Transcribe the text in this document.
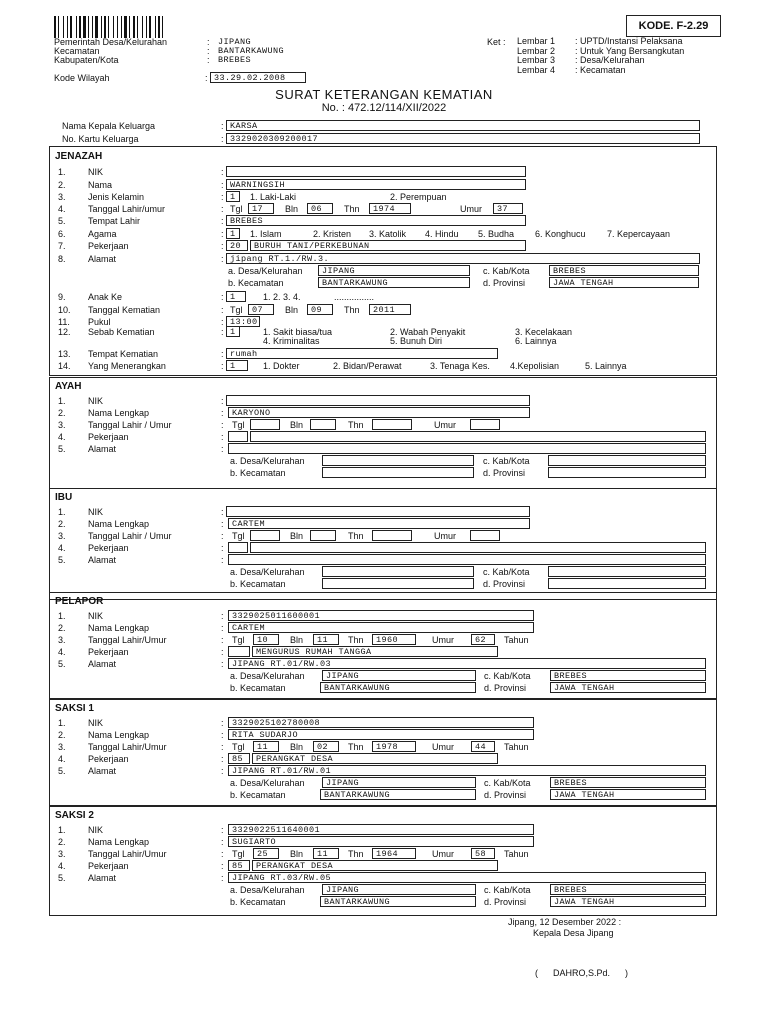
KODE. F-2.29
Pemerintah Desa/Kelurahan	: JIPANG
Kecamatan	: BANTARKAWUNG
Kabupaten/Kota	: BREBES
Kode Wilayah	: 33.29.02.2008
Ket : Lembar 1 : UPTD/Instansi Pelaksana
Lembar 2 : Untuk Yang Bersangkutan
Lembar 3 : Desa/Kelurahan
Lembar 4 : Kecamatan
SURAT KETERANGAN KEMATIAN
No. : 472.12/114/XII/2022
Nama Kepala Keluarga	: KARSA
No. Kartu Keluarga	: 3329020309200017
JENAZAH
Jipang, 12 Desember 2022 :
Kepala Desa Jipang
(      DAHRO,S.Pd.      )
1. NIK	:
2. Nama	: WARNINGSIH
3. Jenis Kelamin	: 1 1. Laki-Laki	2. Perempuan
4. Tanggal Lahir/umur	: Tgl 17 Bln 06 Thn 1974	Umur 37
5. Tempat Lahir	: BREBES
6. Agama	: 1 1. Islam	2. Kristen 3. Katolik 4. Hindu 5. Budha 6. Konghucu 7. Kepercayaan
7. Pekerjaan	: 20 BURUH TANI/PERKEBUNAN
8. Alamat	: jipang RT.1./RW.3.
a. Desa/Kelurahan JIPANG	c. Kab/Kota	BREBES
b. Kecamatan	BANTARKAWUNG	d. Provinsi	JAWA TENGAH
9. Anak Ke	: 1	1. 2. 3. 4.	................
10. Tanggal Kematian	: Tgl 07 Bln 09 Thn 2011
11. Pukul	: 13:00
12. Sebab Kematian	: 1	1. Sakit biasa/tua	2. Wabah Penyakit	3. Kecelakaan
4. Kriminalitas	5. Bunuh Diri	6. Lainnya
13. Tempat Kematian	: rumah
14. Yang Menerangkan	: 1	1. Dokter	2. Bidan/Perawat	3. Tenaga Kes. 4.Kepolisian	5. Lainnya
AYAH
1. NIK	:
2. Nama Lengkap	: KARYONO
3. Tanggal Lahir / Umur	: Tgl	Bln	Thn	Umur
4. Pekerjaan	:
5. Alamat	:
a. Desa/Kelurahan	c. Kab/Kota
b. Kecamatan	d. Provinsi
IBU
1. NIK	:
2. Nama Lengkap	: CARTEM
3. Tanggal Lahir / Umur	: Tgl	Bln	Thn	Umur
4. Pekerjaan	:
5. Alamat	:
a. Desa/Kelurahan	c. Kab/Kota
b. Kecamatan	d. Provinsi
PELAPOR
1. NIK	: 3329025011600001
2. Nama Lengkap	: CARTEM
3. Tanggal Lahir/Umur	: Tgl 10 Bln 11 Thn 1960	Umur 62 Tahun
4. Pekerjaan	:	MENGURUS RUMAH TANGGA
5. Alamat	: JIPANG RT.01/RW.03
a. Desa/Kelurahan	JIPANG	c. Kab/Kota	BREBES
b. Kecamatan	BANTARKAWUNG	d. Provinsi	JAWA TENGAH
SAKSI 1
1. NIK	: 3329025102780008
2. Nama Lengkap	: RITA SUDARJO
3. Tanggal Lahir/Umur	: Tgl 11 Bln 02 Thn 1978	Umur 44 Tahun
4. Pekerjaan	: 85 PERANGKAT DESA
5. Alamat	: JIPANG RT.01/RW.01
a. Desa/Kelurahan	JIPANG	c. Kab/Kota	BREBES
b. Kecamatan	BANTARKAWUNG	d. Provinsi	JAWA TENGAH
SAKSI 2
1. NIK	: 3329022511640001
2. Nama Lengkap	: SUGIARTO
3. Tanggal Lahir/Umur	: Tgl 25 Bln 11 Thn 1964	Umur 58 Tahun
4. Pekerjaan	: 85 PERANGKAT DESA
5. Alamat	: JIPANG RT.03/RW.05
a. Desa/Kelurahan	JIPANG	c. Kab/Kota	BREBES
b. Kecamatan	BANTARKAWUNG	d. Provinsi	JAWA TENGAH
